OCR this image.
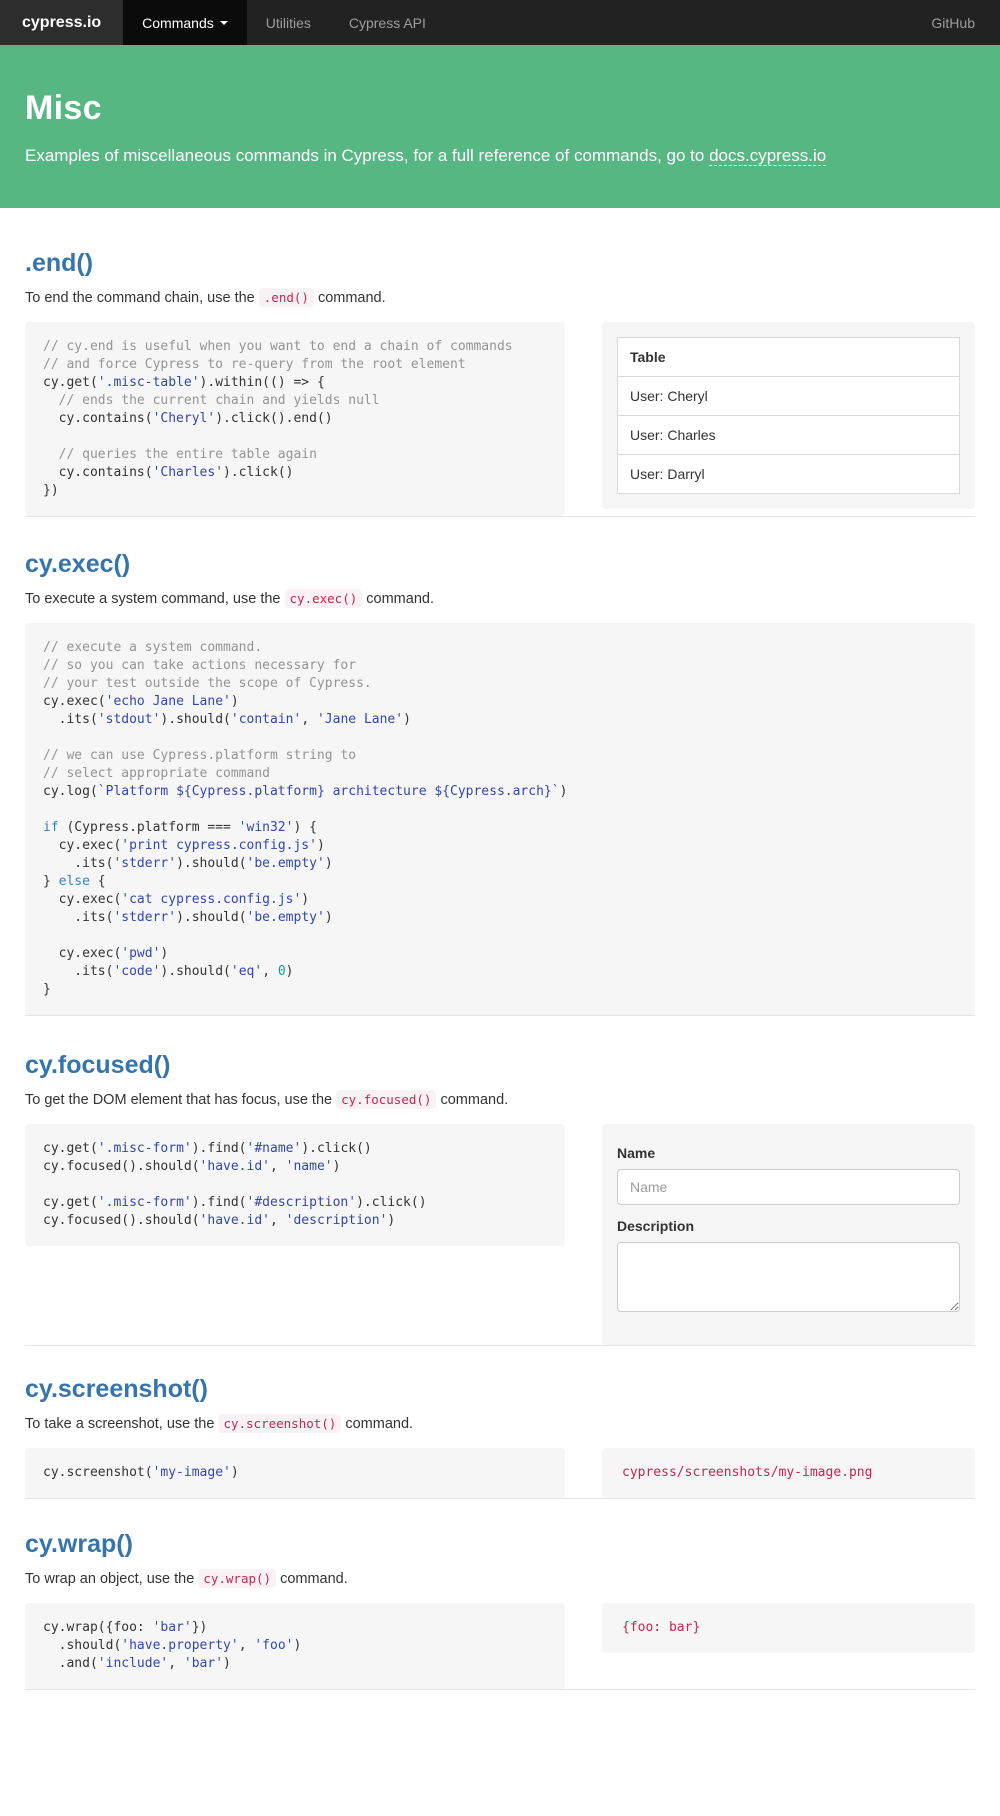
cypress.io	Commands	Utilities	Cypress API	GitHub
Misc

Examples of miscellaneous commands in Cypress, for a full reference of commands, go to docs.cypress.io

.end()

To end the command chain, use the .end() command.

// cy.end is useful when you want to end a chain of commands
// and force Cypress to re-query from the root element
cy.get('.misc-table').within(() => {
// ends the current chain and yields null
cy.contains('Cheryl').click().end()

// queries the entire table again
cy.contains('Charles').click()
})
Table
User: Cheryl
User: Charles
User: Darryl
cy.exec()

To execute a system command, use the cy.exec() command.

// execute a system command.
// so you can take actions necessary for
// your test outside the scope of Cypress.
cy.exec('echo Jane Lane')
.its('stdout').should('contain', 'Jane Lane')

// we can use Cypress.platform string to
// select appropriate command
cy.log(`Platform ${Cypress.platform} architecture ${Cypress.arch}`)

if (Cypress.platform === 'win32') {
cy.exec('print cypress.config.js')
.its('stderr').should('be.empty')
} else {
cy.exec('cat cypress.config.js')
.its('stderr').should('be.empty')

cy.exec('pwd')
.its('code').should('eq', 0)
}
cy.focused()

To get the DOM element that has focus, use the cy.focused() command.

cy.get('.misc-form').find('#name').click()
cy.focused().should('have.id', 'name')

cy.get('.misc-form').find('#description').click()
cy.focused().should('have.id', 'description')
Name
Name
Description
cy.screenshot()

To take a screenshot, use the cy.screenshot() command.

cy.screenshot('my-image')	cypress/screenshots/my-image.png
cy.wrap()

To wrap an object, use the cy.wrap() command.

cy.wrap({foo: 'bar'})
.should('have.property', 'foo')
.and('include', 'bar')
{foo: bar}
